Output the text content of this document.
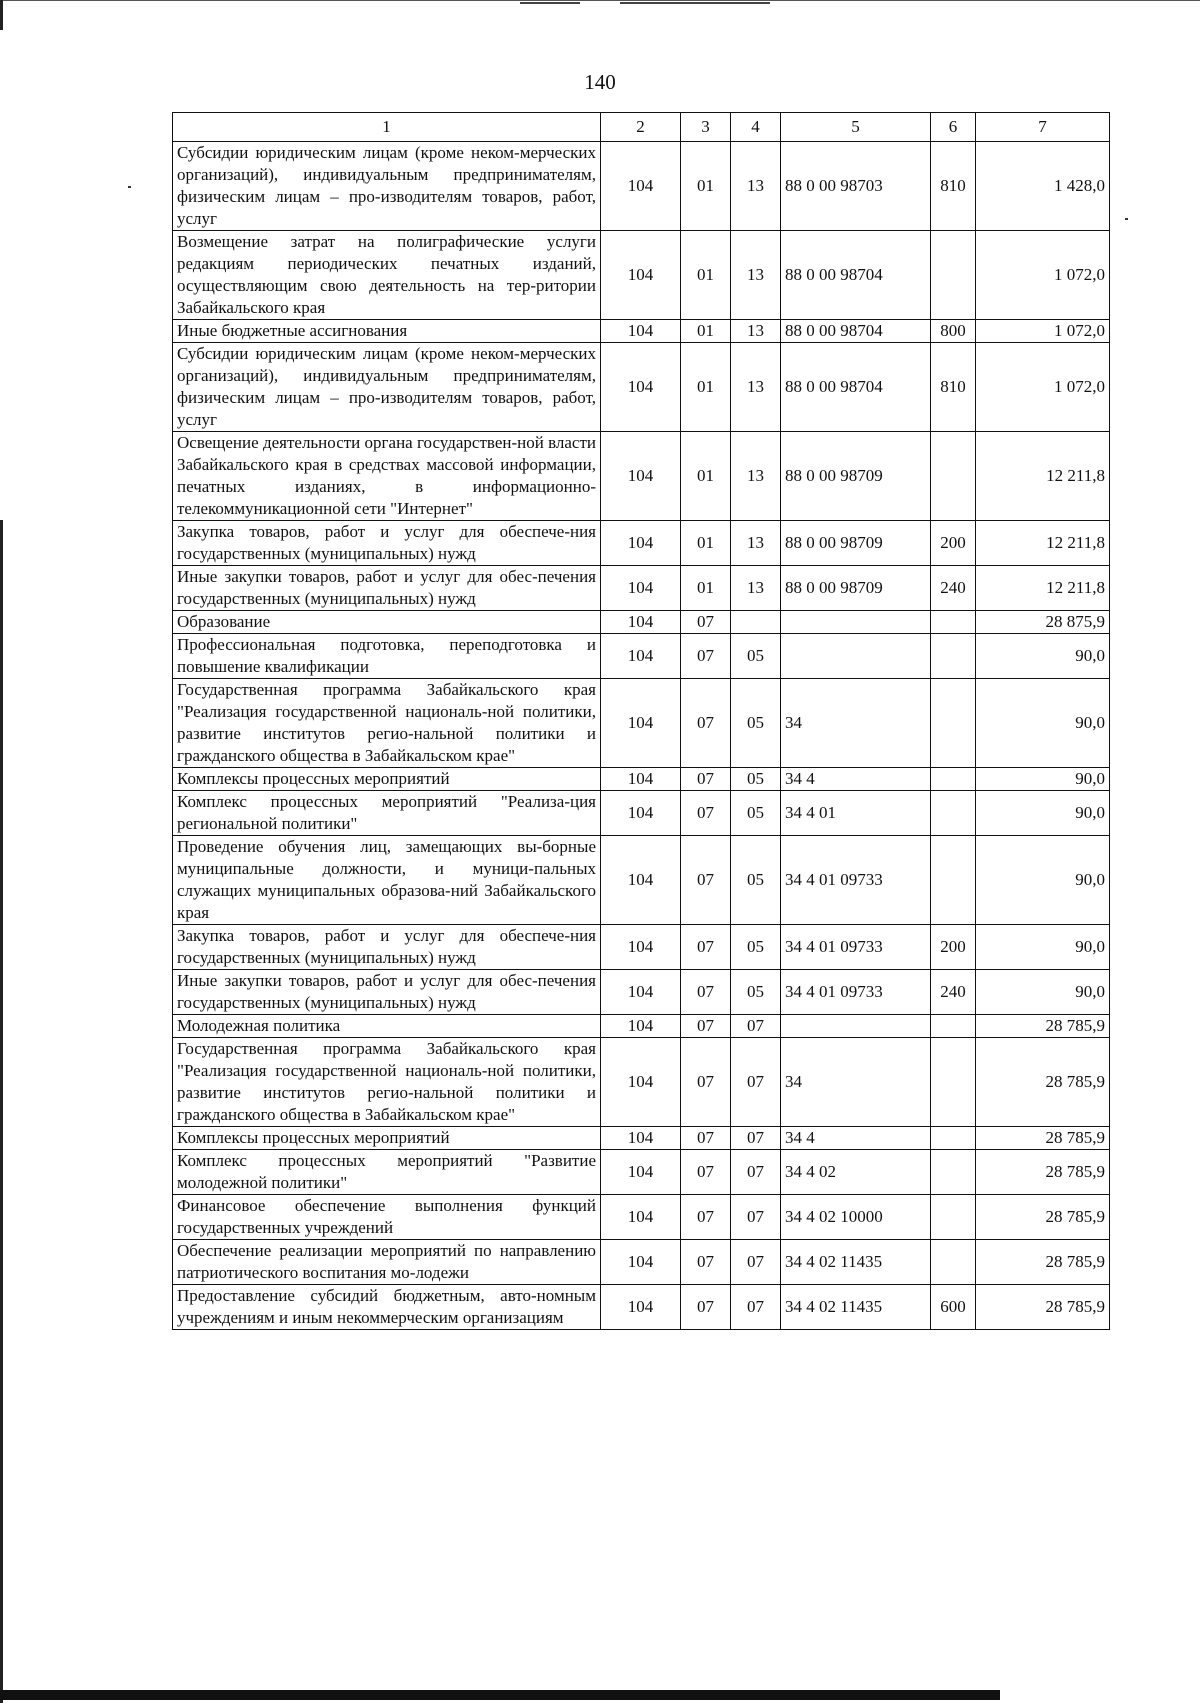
140
1	2	3	4	5	6	7
Субсидии юридическим лицам (кроме неком-мерческих организаций), индивидуальным предпринимателям, физическим лицам – про-изводителям товаров, работ, услуг	104	01	13	88 0 00 98703	810	1 428,0
Возмещение затрат на полиграфические услуги редакциям периодических печатных изданий, осуществляющим свою деятельность на тер-ритории Забайкальского края	104	01	13	88 0 00 98704		1 072,0
Иные бюджетные ассигнования	104	01	13	88 0 00 98704	800	1 072,0
Субсидии юридическим лицам (кроме неком-мерческих организаций), индивидуальным предпринимателям, физическим лицам – про-изводителям товаров, работ, услуг	104	01	13	88 0 00 98704	810	1 072,0
Освещение деятельности органа государствен-ной власти Забайкальского края в средствах массовой информации, печатных изданиях, в информационно-телекоммуникационной сети "Интернет"	104	01	13	88 0 00 98709		12 211,8
Закупка товаров, работ и услуг для обеспече-ния государственных (муниципальных) нужд	104	01	13	88 0 00 98709	200	12 211,8
Иные закупки товаров, работ и услуг для обес-печения государственных (муниципальных) нужд	104	01	13	88 0 00 98709	240	12 211,8
Образование	104	07				28 875,9
Профессиональная подготовка, переподготовка и повышение квалификации	104	07	05			90,0
Государственная программа Забайкальского края "Реализация государственной националь-ной политики, развитие институтов регио-нальной политики и гражданского общества в Забайкальском крае"	104	07	05	34		90,0
Комплексы процессных мероприятий	104	07	05	34 4		90,0
Комплекс процессных мероприятий "Реализа-ция региональной политики"	104	07	05	34 4 01		90,0
Проведение обучения лиц, замещающих вы-борные муниципальные должности, и муници-пальных служащих муниципальных образова-ний Забайкальского края	104	07	05	34 4 01 09733		90,0
Закупка товаров, работ и услуг для обеспече-ния государственных (муниципальных) нужд	104	07	05	34 4 01 09733	200	90,0
Иные закупки товаров, работ и услуг для обес-печения государственных (муниципальных) нужд	104	07	05	34 4 01 09733	240	90,0
Молодежная политика	104	07	07			28 785,9
Государственная программа Забайкальского края "Реализация государственной националь-ной политики, развитие институтов регио-нальной политики и гражданского общества в Забайкальском крае"	104	07	07	34		28 785,9
Комплексы процессных мероприятий	104	07	07	34 4		28 785,9
Комплекс процессных мероприятий "Развитие молодежной политики"	104	07	07	34 4 02		28 785,9
Финансовое обеспечение выполнения функций государственных учреждений	104	07	07	34 4 02 10000		28 785,9
Обеспечение реализации мероприятий по направлению патриотического воспитания мо-лодежи	104	07	07	34 4 02 11435		28 785,9
Предоставление субсидий бюджетным, авто-номным учреждениям и иным некоммерческим организациям	104	07	07	34 4 02 11435	600	28 785,9
